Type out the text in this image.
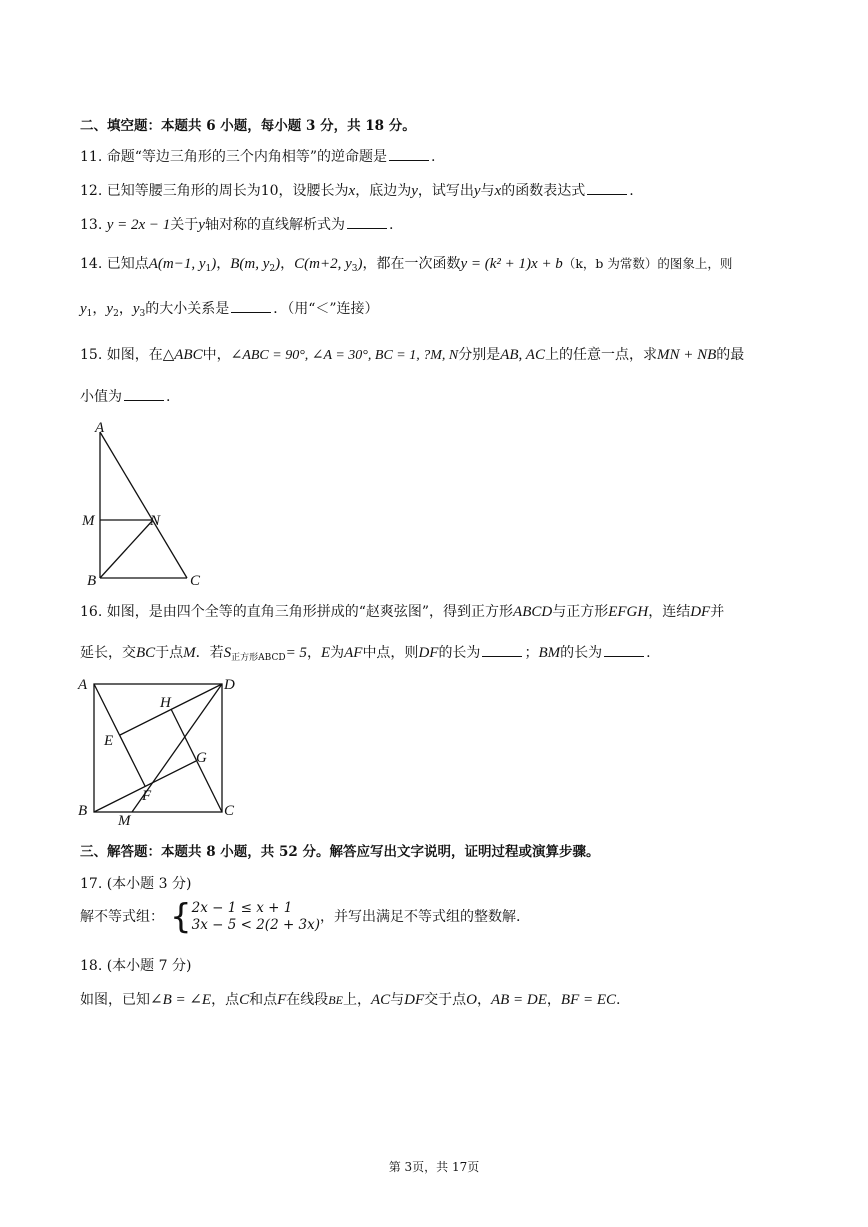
二、填空题：本题共 6 小题，每小题 3 分，共 18 分。
11. 命题“等边三角形的三个内角相等”的逆命题是	.
12. 已知等腰三角形的周长为10，设腰长为x，底边为y，试写出y与x的函数表达式	.
13. y = 2x − 1关于y轴对称的直线解析式为	.
14. 已知点A(m−1, $y_1$)，B(m, $y_2$)，C(m+2, $y_3$)，都在一次函数y = (k² + 1)x + b（k，b 为常数）的图象上，则
$y_1$，$y_2$，$y_3$的大小关系是	．（用“＜”连接）
15. 如图，在△ABC中，∠ABC = 90°, ∠A = 30°, BC = 1, ?M, N分别是AB, AC上的任意一点，求MN + NB的最
小值为	.
A
M	N
B	C
16. 如图，是由四个全等的直角三角形拼成的“赵爽弦图”，得到正方形ABCD与正方形EFGH，连结DF并
延长，交BC于点M．若$S_{正方形ABCD}= 5$，E为AF中点，则DF的长为	；BM的长为	.
A	D
H
E
G
F
B	C
M
三、解答题：本题共 8 小题，共 52 分。解答应写出文字说明，证明过程或演算步骤。
17. (本小题 3 分)
解不等式组： { 2x − 1 ≤ x + 1
3x − 5 < 2(2 + 3x) ，并写出满足不等式组的整数解.
18. (本小题 7 分)
如图，已知∠B = ∠E，点C和点F在线段BE上，AC与DF交于点O，AB = DE，BF = EC.
第 3页，共 17页
